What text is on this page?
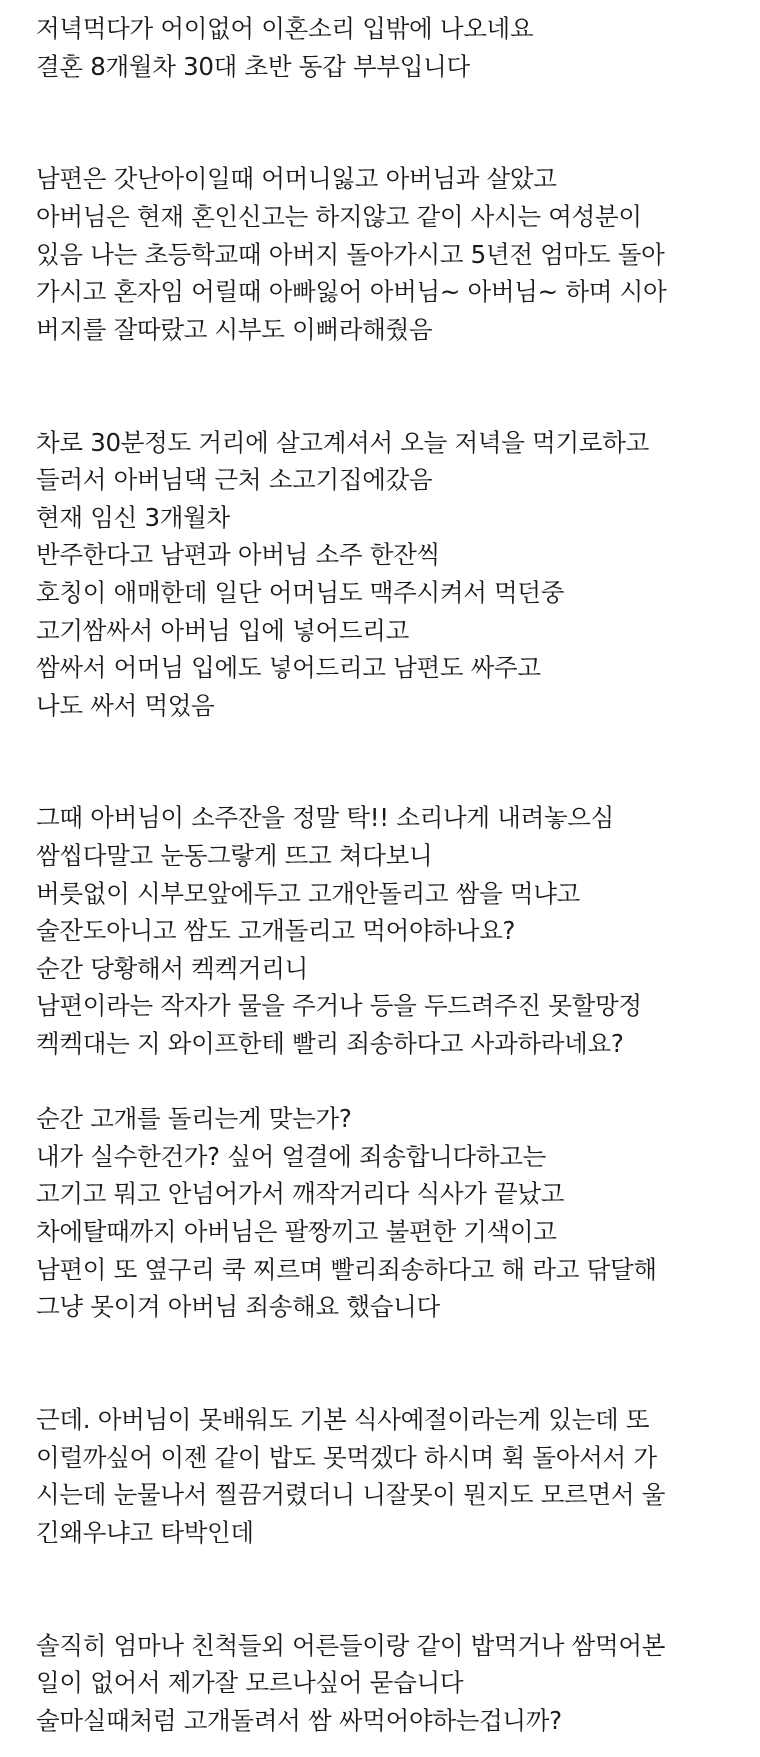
저녁먹다가 어이없어 이혼소리 입밖에 나오네요
결혼 8개월차 30대 초반 동갑 부부입니다
남편은 갓난아이일때 어머니잃고 아버님과 살았고
아버님은 현재 혼인신고는 하지않고 같이 사시는 여성분이
있음 나는 초등학교때 아버지 돌아가시고 5년전 엄마도 돌아
가시고 혼자임 어릴때 아빠잃어 아버님~ 아버님~ 하며 시아
버지를 잘따랐고 시부도 이뻐라해줬음
차로 30분정도 거리에 살고계셔서 오늘 저녁을 먹기로하고
들러서 아버님댁 근처 소고기집에갔음
현재 임신 3개월차
반주한다고 남편과 아버님 소주 한잔씩
호칭이 애매한데 일단 어머님도 맥주시켜서 먹던중
고기쌈싸서 아버님 입에 넣어드리고
쌈싸서 어머님 입에도 넣어드리고 남편도 싸주고
나도 싸서 먹었음
그때 아버님이 소주잔을 정말 탁!! 소리나게 내려놓으심
쌈씹다말고 눈동그랗게 뜨고 쳐다보니
버릇없이 시부모앞에두고 고개안돌리고 쌈을 먹냐고
술잔도아니고 쌈도 고개돌리고 먹어야하나요?
순간 당황해서 켁켁거리니
남편이라는 작자가 물을 주거나 등을 두드려주진 못할망정
켁켁대는 지 와이프한테 빨리 죄송하다고 사과하라네요?
순간 고개를 돌리는게 맞는가?
내가 실수한건가? 싶어 얼결에 죄송합니다하고는
고기고 뭐고 안넘어가서 깨작거리다 식사가 끝났고
차에탈때까지 아버님은 팔짱끼고 불편한 기색이고
남편이 또 옆구리 쿡 찌르며 빨리죄송하다고 해 라고 닦달해
그냥 못이겨 아버님 죄송해요 했습니다
근데. 아버님이 못배워도 기본 식사예절이라는게 있는데 또
이럴까싶어 이젠 같이 밥도 못먹겠다 하시며 휙 돌아서서 가
시는데 눈물나서 찔끔거렸더니 니잘못이 뭔지도 모르면서 울
긴왜우냐고 타박인데
솔직히 엄마나 친척들외 어른들이랑 같이 밥먹거나 쌈먹어본
일이 없어서 제가잘 모르나싶어 묻습니다
술마실때처럼 고개돌려서 쌈 싸먹어야하는겁니까?
